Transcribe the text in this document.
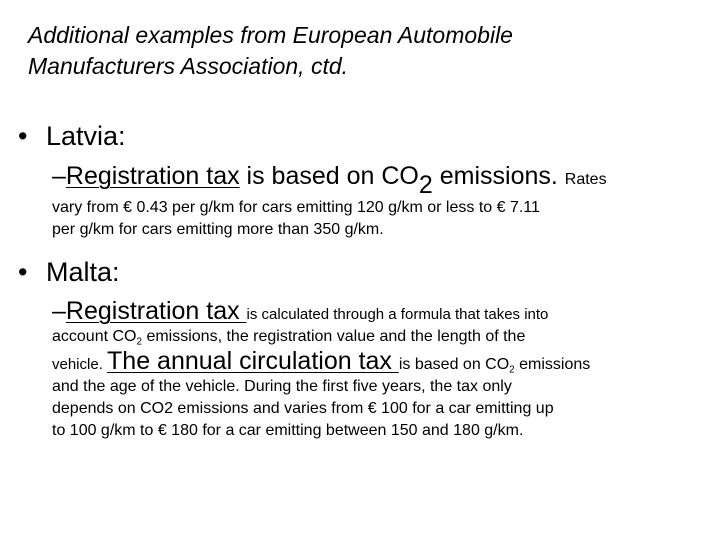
Additional examples from European Automobile
Manufacturers Association, ctd.
• Latvia:
–Registration tax is based on $CO_2$ emissions. Rates
vary from € 0.43 per g/km for cars emitting 120 g/km or less to € 7.11
per g/km for cars emitting more than 350 g/km.
• Malta:
–Registration tax is calculated through a formula that takes into
account $CO_2$ emissions, the registration value and the length of the
vehicle. The annual circulation tax is based on $CO_2$ emissions
and the age of the vehicle. During the first five years, the tax only
depends on CO2 emissions and varies from € 100 for a car emitting up
to 100 g/km to € 180 for a car emitting between 150 and 180 g/km.
